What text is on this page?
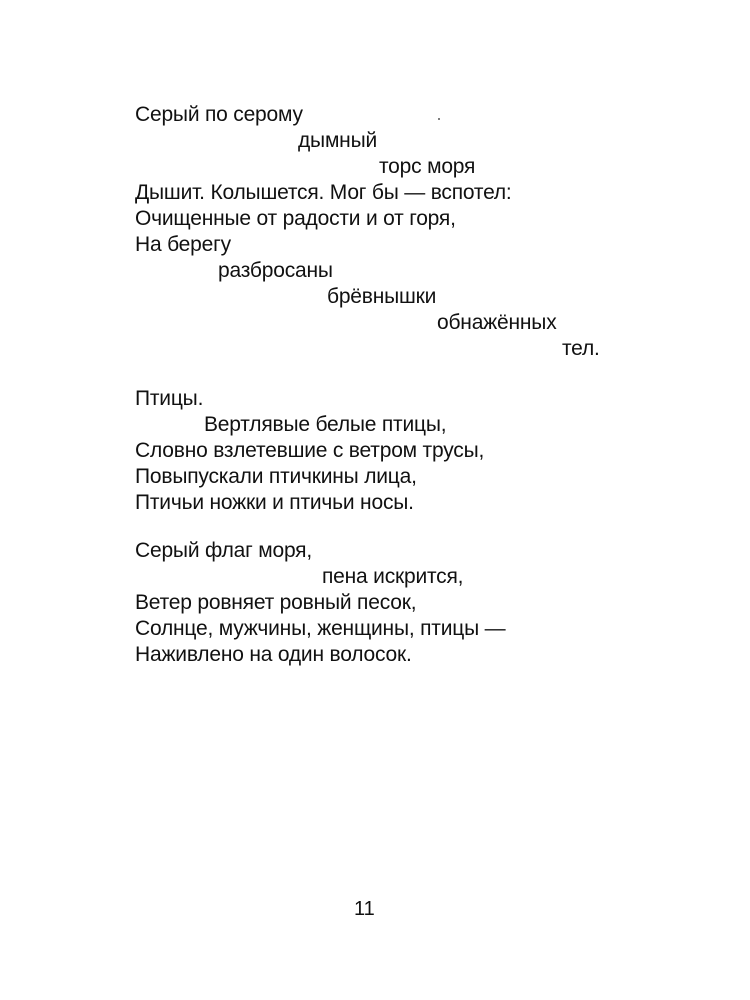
Серый по серому
дымный
торс моря
Дышит. Колышется. Мог бы — вспотел:
Очищенные от радости и от горя,
На берегу
разбросаны
брёвнышки
обнажённых
тел.
Птицы.
Вертлявые белые птицы,
Словно взлетевшие с ветром трусы,
Повыпускали птичкины лица,
Птичьи ножки и птичьи носы.
Серый флаг моря,
пена искрится,
Ветер ровняет ровный песок,
Солнце, мужчины, женщины, птицы —
Наживлено на один волосок.
11
